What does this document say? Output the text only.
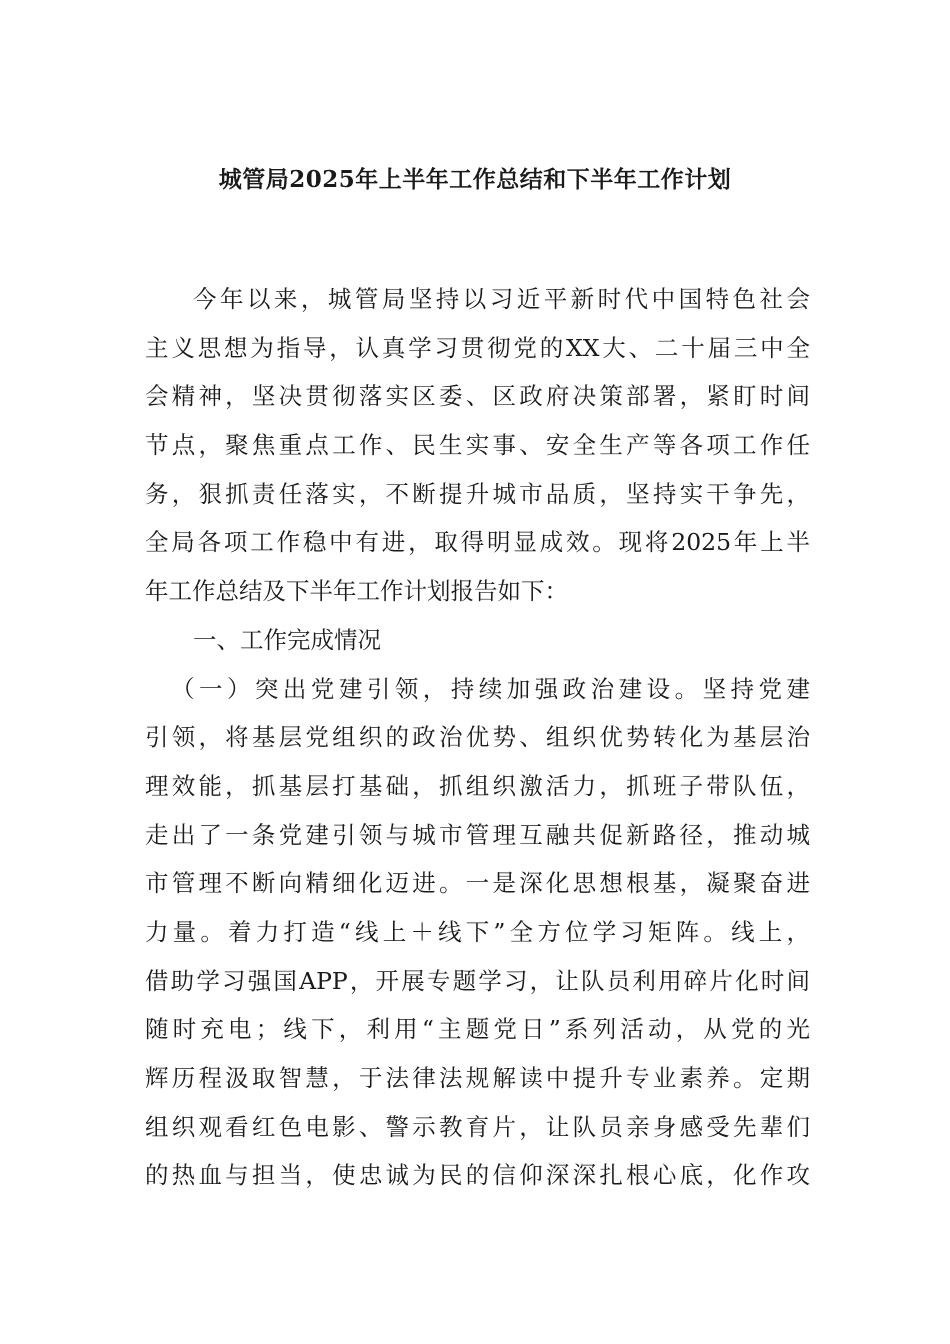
城管局2025年上半年工作总结和下半年工作计划
今年以来，城管局坚持以习近平新时代中国特色社会
主义思想为指导，认真学习贯彻党的XX大、二十届三中全
会精神，坚决贯彻落实区委、区政府决策部署，紧盯时间
节点，聚焦重点工作、民生实事、安全生产等各项工作任
务，狠抓责任落实，不断提升城市品质，坚持实干争先，
全局各项工作稳中有进，取得明显成效。现将2025年上半
年工作总结及下半年工作计划报告如下：
一、工作完成情况
（一）突出党建引领，持续加强政治建设。坚持党建
引领，将基层党组织的政治优势、组织优势转化为基层治
理效能，抓基层打基础，抓组织激活力，抓班子带队伍，
走出了一条党建引领与城市管理互融共促新路径，推动城
市管理不断向精细化迈进。一是深化思想根基，凝聚奋进
力量。着力打造“线上＋线下”全方位学习矩阵。线上，
借助学习强国APP，开展专题学习，让队员利用碎片化时间
随时充电；线下，利用“主题党日”系列活动，从党的光
辉历程汲取智慧，于法律法规解读中提升专业素养。定期
组织观看红色电影、警示教育片，让队员亲身感受先辈们
的热血与担当，使忠诚为民的信仰深深扎根心底，化作攻
